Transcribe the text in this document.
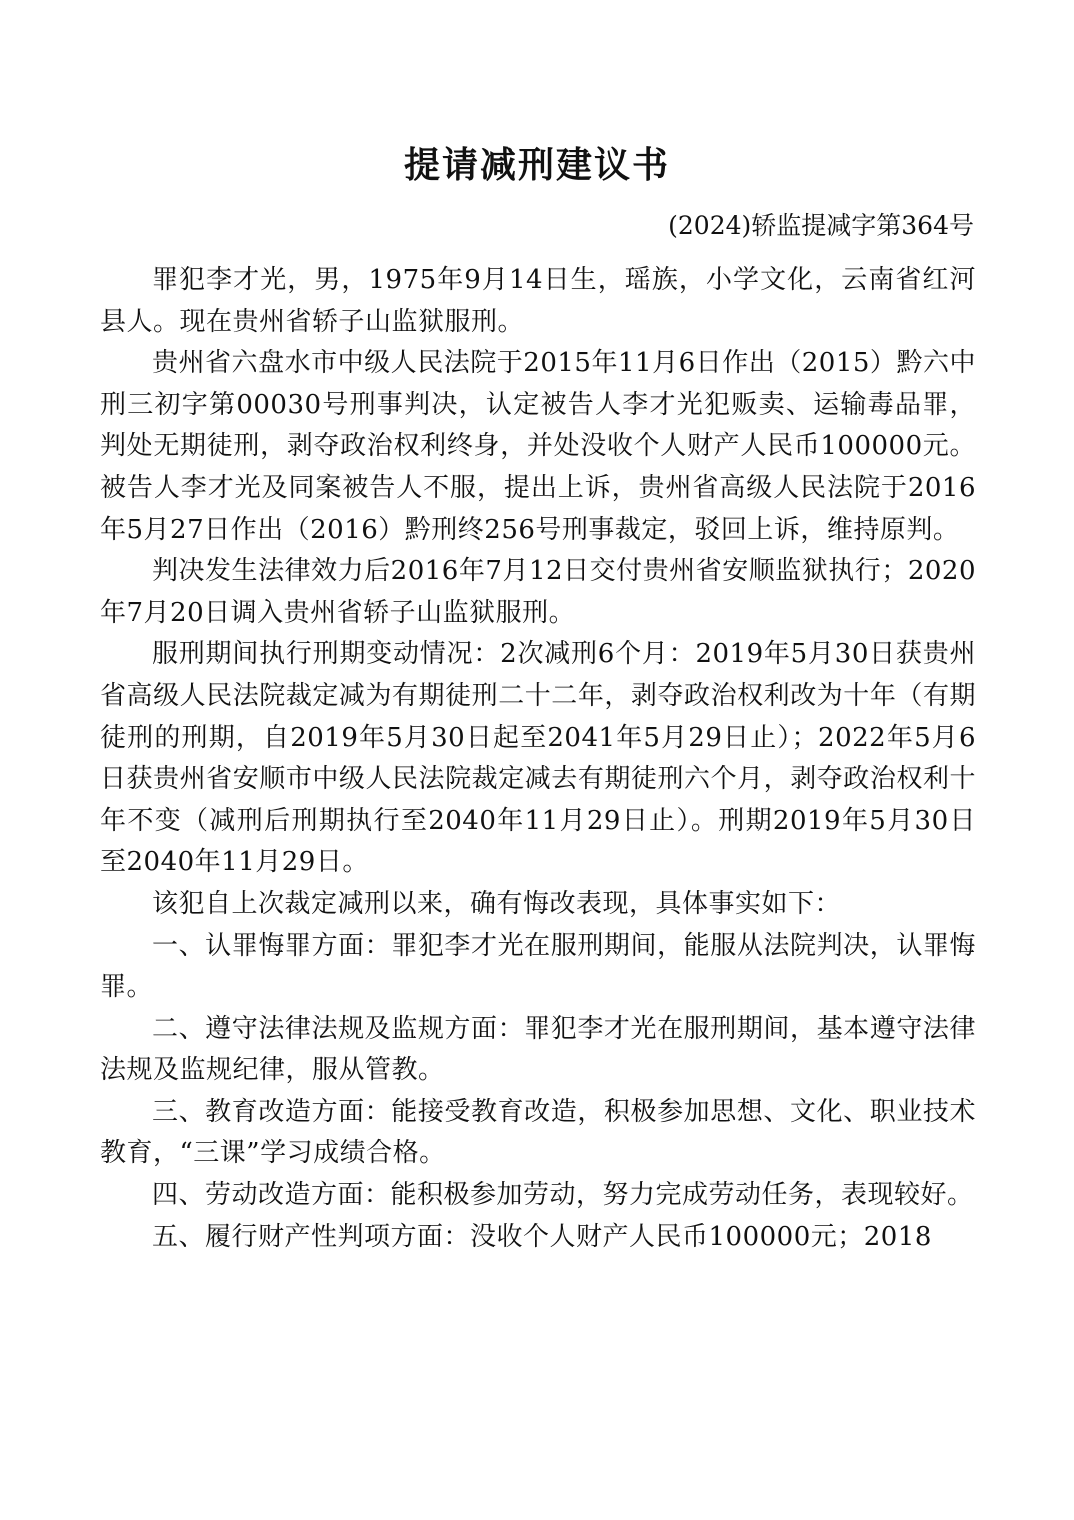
提请减刑建议书
(2024)轿监提减字第364号

罪犯李才光，男，1975年9月14日生，瑶族，小学文化，云南省红河县人。现在贵州省轿子山监狱服刑。

贵州省六盘水市中级人民法院于2015年11月6日作出（2015）黔六中刑三初字第00030号刑事判决，认定被告人李才光犯贩卖、运输毒品罪，判处无期徒刑，剥夺政治权利终身，并处没收个人财产人民币100000元。被告人李才光及同案被告人不服，提出上诉，贵州省高级人民法院于2016年5月27日作出（2016）黔刑终256号刑事裁定，驳回上诉，维持原判。

判决发生法律效力后2016年7月12日交付贵州省安顺监狱执行；2020年7月20日调入贵州省轿子山监狱服刑。

服刑期间执行刑期变动情况：2次减刑6个月：2019年5月30日获贵州省高级人民法院裁定减为有期徒刑二十二年，剥夺政治权利改为十年（有期徒刑的刑期，自2019年5月30日起至2041年5月29日止）；2022年5月6日获贵州省安顺市中级人民法院裁定减去有期徒刑六个月，剥夺政治权利十年不变（减刑后刑期执行至2040年11月29日止）。刑期2019年5月30日至2040年11月29日。

该犯自上次裁定减刑以来，确有悔改表现，具体事实如下：

一、认罪悔罪方面：罪犯李才光在服刑期间，能服从法院判决，认罪悔罪。

二、遵守法律法规及监规方面：罪犯李才光在服刑期间，基本遵守法律法规及监规纪律，服从管教。

三、教育改造方面：能接受教育改造，积极参加思想、文化、职业技术教育，“三课”学习成绩合格。

四、劳动改造方面：能积极参加劳动，努力完成劳动任务，表现较好。

五、履行财产性判项方面：没收个人财产人民币100000元；2018
